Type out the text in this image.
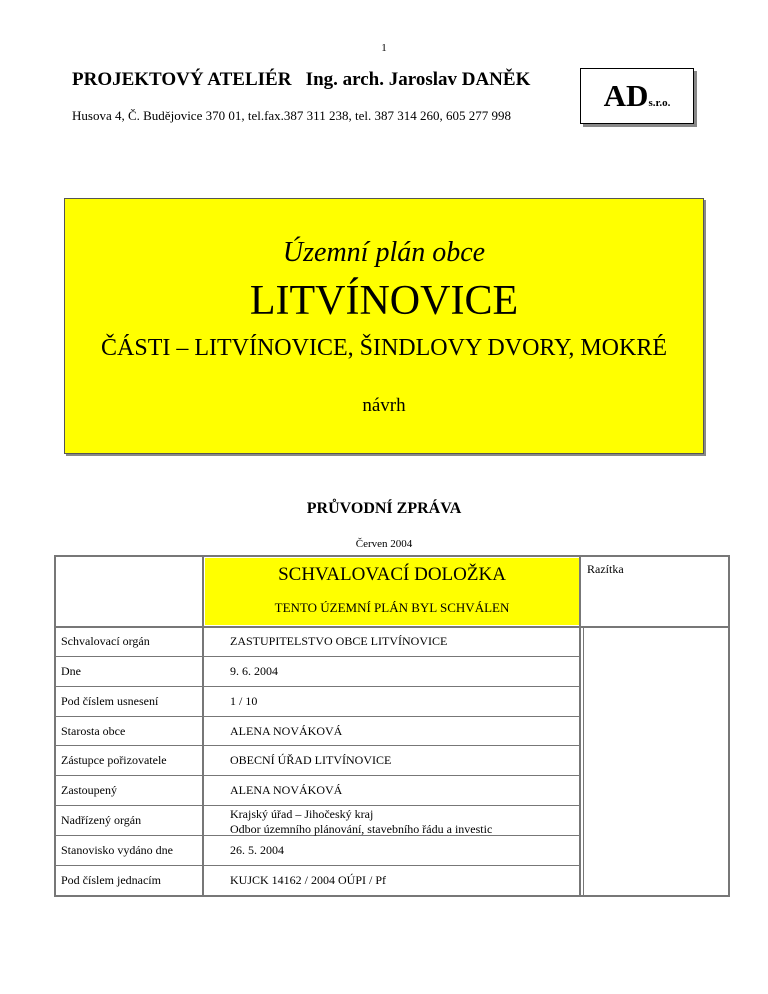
1
PROJEKTOVÝ ATELIÉR   Ing. arch. Jaroslav DANĚK
Husova 4, Č. Budějovice 370 01, tel.fax.387 311 238, tel. 387 314 260, 605 277 998
AD s.r.o.
Územní plán obce
LITVÍNOVICE
ČÁSTI – LITVÍNOVICE, ŠINDLOVY DVORY, MOKRÉ
návrh
PRŮVODNÍ ZPRÁVA
Červen 2004
SCHVALOVACÍ DOLOŽKA
TENTO ÚZEMNÍ PLÁN BYL SCHVÁLEN
Razítka
Schvalovací orgán	ZASTUPITELSTVO OBCE LITVÍNOVICE
Dne	9. 6. 2004
Pod číslem usnesení	1 / 10
Starosta obce	ALENA NOVÁKOVÁ
Zástupce pořizovatele	OBECNÍ ÚŘAD LITVÍNOVICE
Zastoupený	ALENA NOVÁKOVÁ
Nadřízený orgán	Krajský úřad – Jihočeský kraj
Odbor územního plánování, stavebního řádu a investic
Stanovisko vydáno dne	26. 5. 2004
Pod číslem jednacím	KUJCK 14162 / 2004 OÚPI / Pf
